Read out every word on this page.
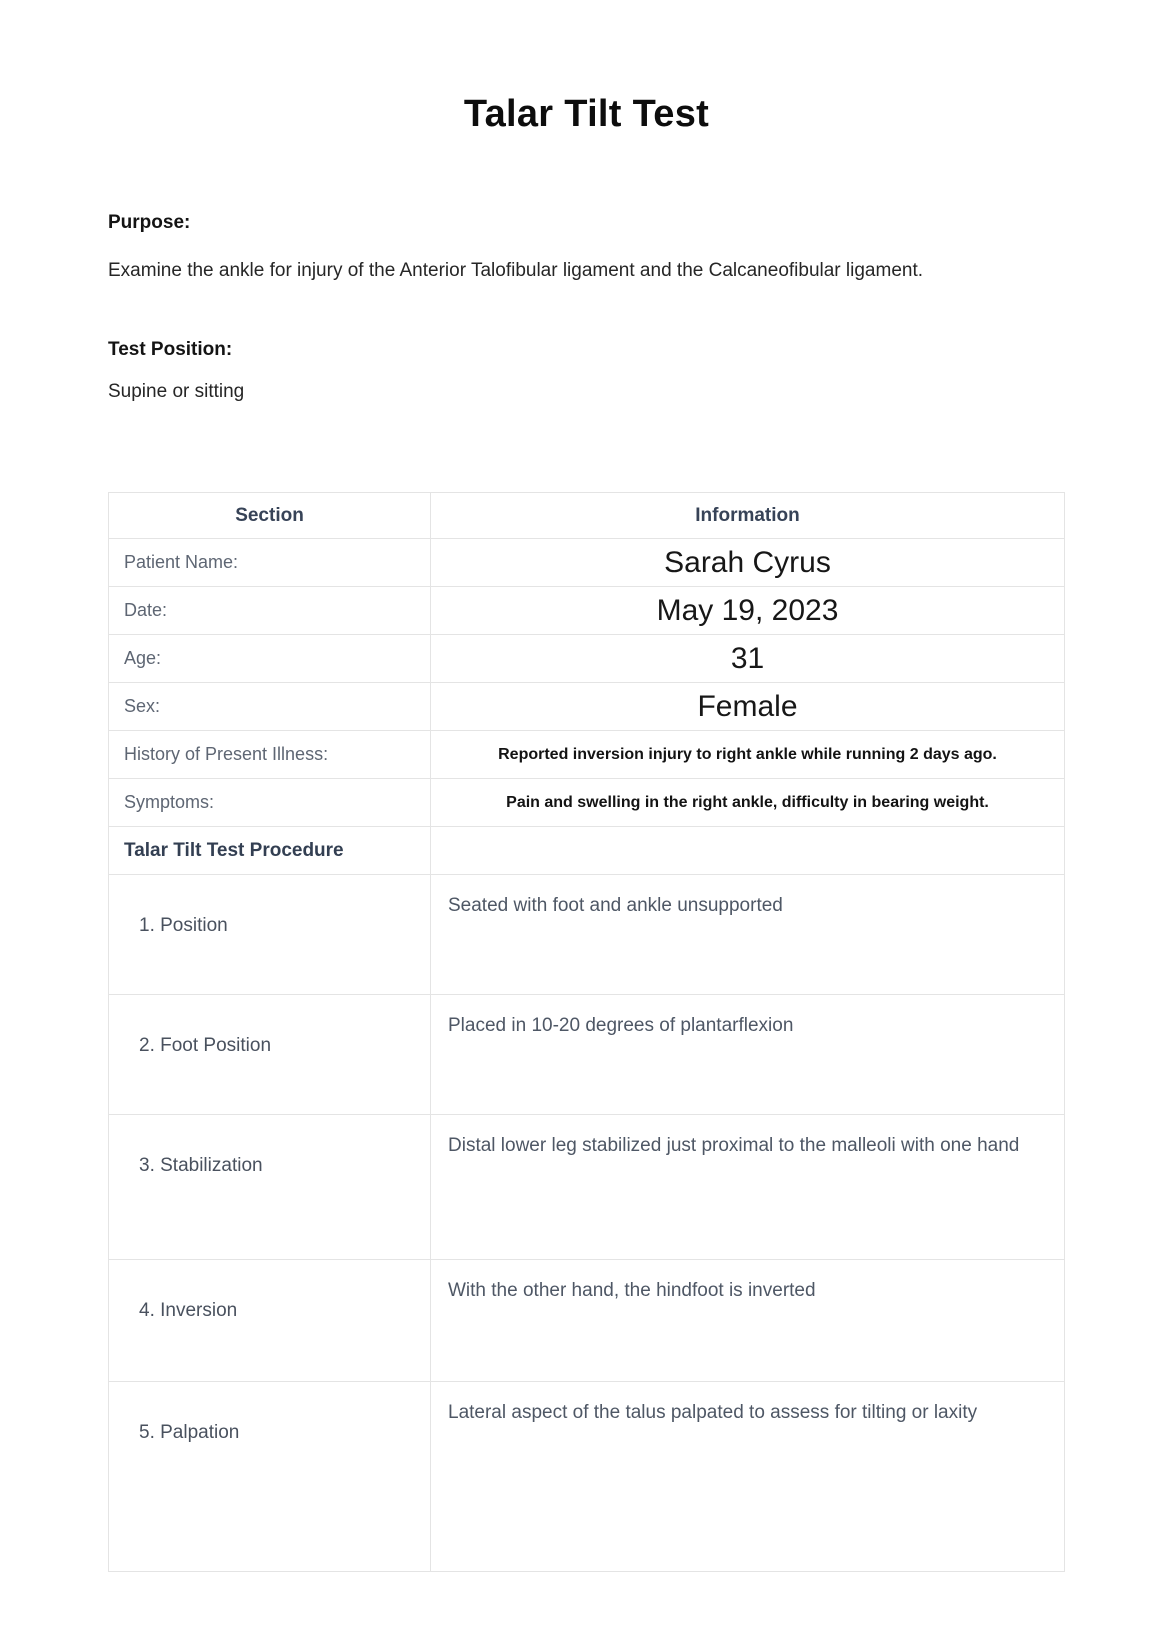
Talar Tilt Test

Purpose:

Examine the ankle for injury of the Anterior Talofibular ligament and the Calcaneofibular ligament.

Test Position:

Supine or sitting

Section	Information
Patient Name:	Sarah Cyrus
Date:	May 19, 2023
Age:	31
Sex:	Female
History of Present Illness:	Reported inversion injury to right ankle while running 2 days ago.
Symptoms:	Pain and swelling in the right ankle, difficulty in bearing weight.
Talar Tilt Test Procedure	
1. Position	Seated with foot and ankle unsupported
2. Foot Position	Placed in 10-20 degrees of plantarflexion
3. Stabilization	Distal lower leg stabilized just proximal to the malleoli with one hand
4. Inversion	With the other hand, the hindfoot is inverted
5. Palpation	Lateral aspect of the talus palpated to assess for tilting or laxity
